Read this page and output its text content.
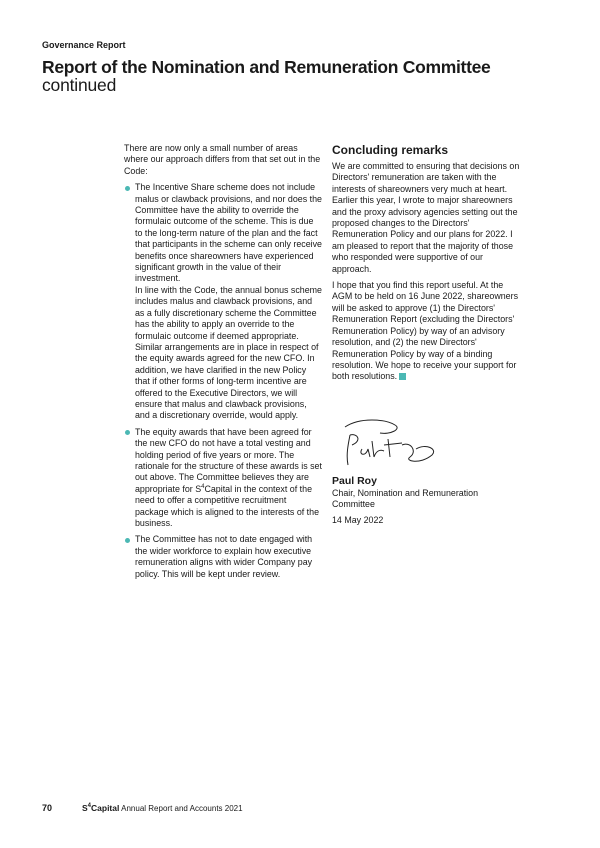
Governance Report
Report of the Nomination and Remuneration Committee
continued

There are now only a small number of areas where our approach differs from that set out in the Code:

The Incentive Share scheme does not include malus or clawback provisions, and nor does the Committee have the ability to override the formulaic outcome of the scheme. This is due to the long-term nature of the plan and the fact that participants in the scheme can only receive benefits once shareowners have experienced significant growth in the value of their investment.
In line with the Code, the annual bonus scheme includes malus and clawback provisions, and as a fully discretionary scheme the Committee has the ability to apply an override to the formulaic outcome if deemed appropriate. Similar arrangements are in place in respect of the equity awards agreed for the new CFO. In addition, we have clarified in the new Policy that if other forms of long-term incentive are offered to the Executive Directors, we will ensure that malus and clawback provisions, and a discretionary override, would apply.
The equity awards that have been agreed for the new CFO do not have a total vesting and holding period of five years or more. The rationale for the structure of these awards is set out above. The Committee believes they are appropriate for $S^4Capital$ in the context of the need to offer a competitive recruitment package which is aligned to the interests of the business.
The Committee has not to date engaged with the wider workforce to explain how executive remuneration aligns with wider Company pay policy. This will be kept under review.
Concluding remarks

We are committed to ensuring that decisions on Directors' remuneration are taken with the interests of shareowners very much at heart. Earlier this year, I wrote to major shareowners and the proxy advisory agencies setting out the proposed changes to the Directors' Remuneration Policy and our plans for 2022. I am pleased to report that the majority of those who responded were supportive of our approach.

I hope that you find this report useful. At the AGM to be held on 16 June 2022, shareowners will be asked to approve (1) the Directors' Remuneration Report (excluding the Directors' Remuneration Policy) by way of an advisory resolution, and (2) the new Directors' Remuneration Policy by way of a binding resolution. We hope to receive your support for both resolutions.

Paul Roy
Chair, Nomination and Remuneration Committee
14 May 2022
70	$S^4Capital$ Annual Report and Accounts 2021
